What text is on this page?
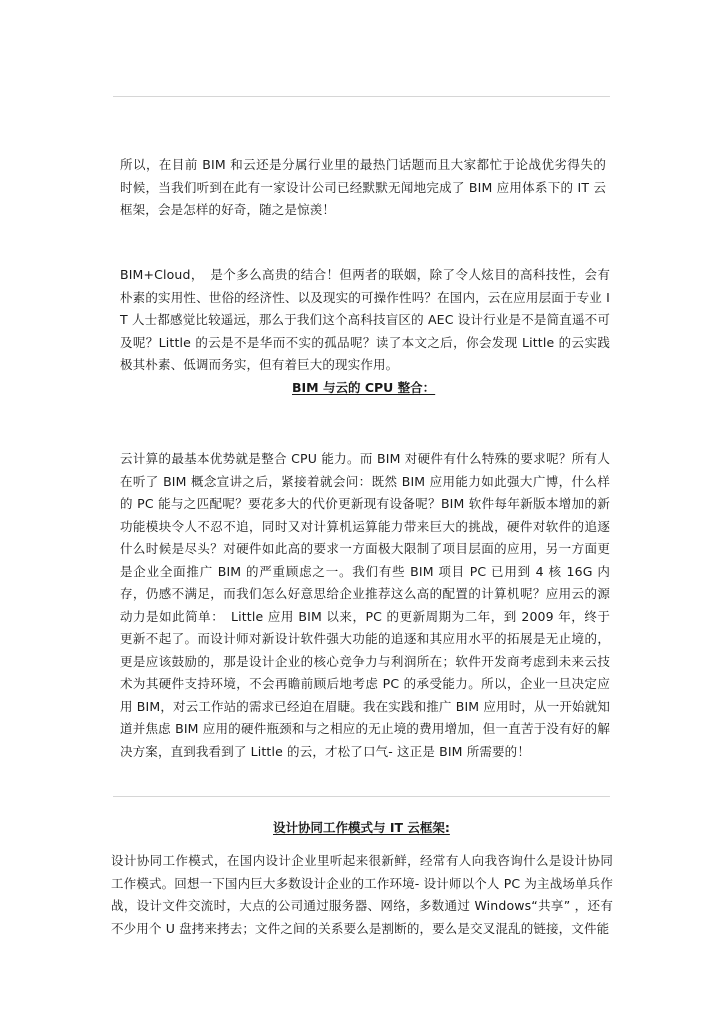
所以，在目前 BIM 和云还是分属行业里的最热门话题而且大家都忙于论战优劣得失的时候，当我们听到在此有一家设计公司已经默默无闻地完成了 BIM 应用体系下的 IT 云框架，会是怎样的好奇，随之是惊羡！

BIM+Cloud，　是个多么高贵的结合！但两者的联姻，除了令人炫目的高科技性，会有朴素的实用性、世俗的经济性、以及现实的可操作性吗？在国内，云在应用层面于专业 IT 人士都感觉比较遥远，那么于我们这个高科技盲区的 AEC 设计行业是不是简直遥不可及呢？Little 的云是不是华而不实的孤品呢？读了本文之后，你会发现 Little 的云实践极其朴素、低调而务实，但有着巨大的现实作用。

BIM 与云的 CPU 整合：

云计算的最基本优势就是整合 CPU 能力。而 BIM 对硬件有什么特殊的要求呢？所有人在听了 BIM 概念宣讲之后，紧接着就会问：既然 BIM 应用能力如此强大广博，什么样的 PC 能与之匹配呢？要花多大的代价更新现有设备呢？BIM 软件每年新版本增加的新功能模块令人不忍不追，同时又对计算机运算能力带来巨大的挑战，硬件对软件的追逐什么时候是尽头？对硬件如此高的要求一方面极大限制了项目层面的应用，另一方面更是企业全面推广 BIM 的严重顾虑之一。我们有些 BIM 项目 PC 已用到 4 核 16G 内存，仍感不满足，而我们怎么好意思给企业推荐这么高的配置的计算机呢？应用云的源动力是如此简单：　Little 应用 BIM 以来，PC 的更新周期为二年，到 2009 年，终于更新不起了。而设计师对新设计软件强大功能的追逐和其应用水平的拓展是无止境的，更是应该鼓励的，那是设计企业的核心竞争力与利润所在；软件开发商考虑到未来云技术为其硬件支持环境，不会再瞻前顾后地考虑 PC 的承受能力。所以，企业一旦决定应用 BIM，对云工作站的需求已经迫在眉睫。我在实践和推广 BIM 应用时，从一开始就知道并焦虑 BIM 应用的硬件瓶颈和与之相应的无止境的费用增加，但一直苦于没有好的解决方案，直到我看到了 Little 的云，才松了口气- 这正是 BIM 所需要的！

设计协同工作模式与 IT 云框架:

设计协同工作模式，在国内设计企业里听起来很新鲜，经常有人向我咨询什么是设计协同工作模式。回想一下国内巨大多数设计企业的工作环境- 设计师以个人 PC 为主战场单兵作战，设计文件交流时，大点的公司通过服务器、网络，多数通过 Windows“共享” ，还有不少用个 U 盘拷来拷去；文件之间的关系要么是割断的，要么是交叉混乱的链接，文件能
